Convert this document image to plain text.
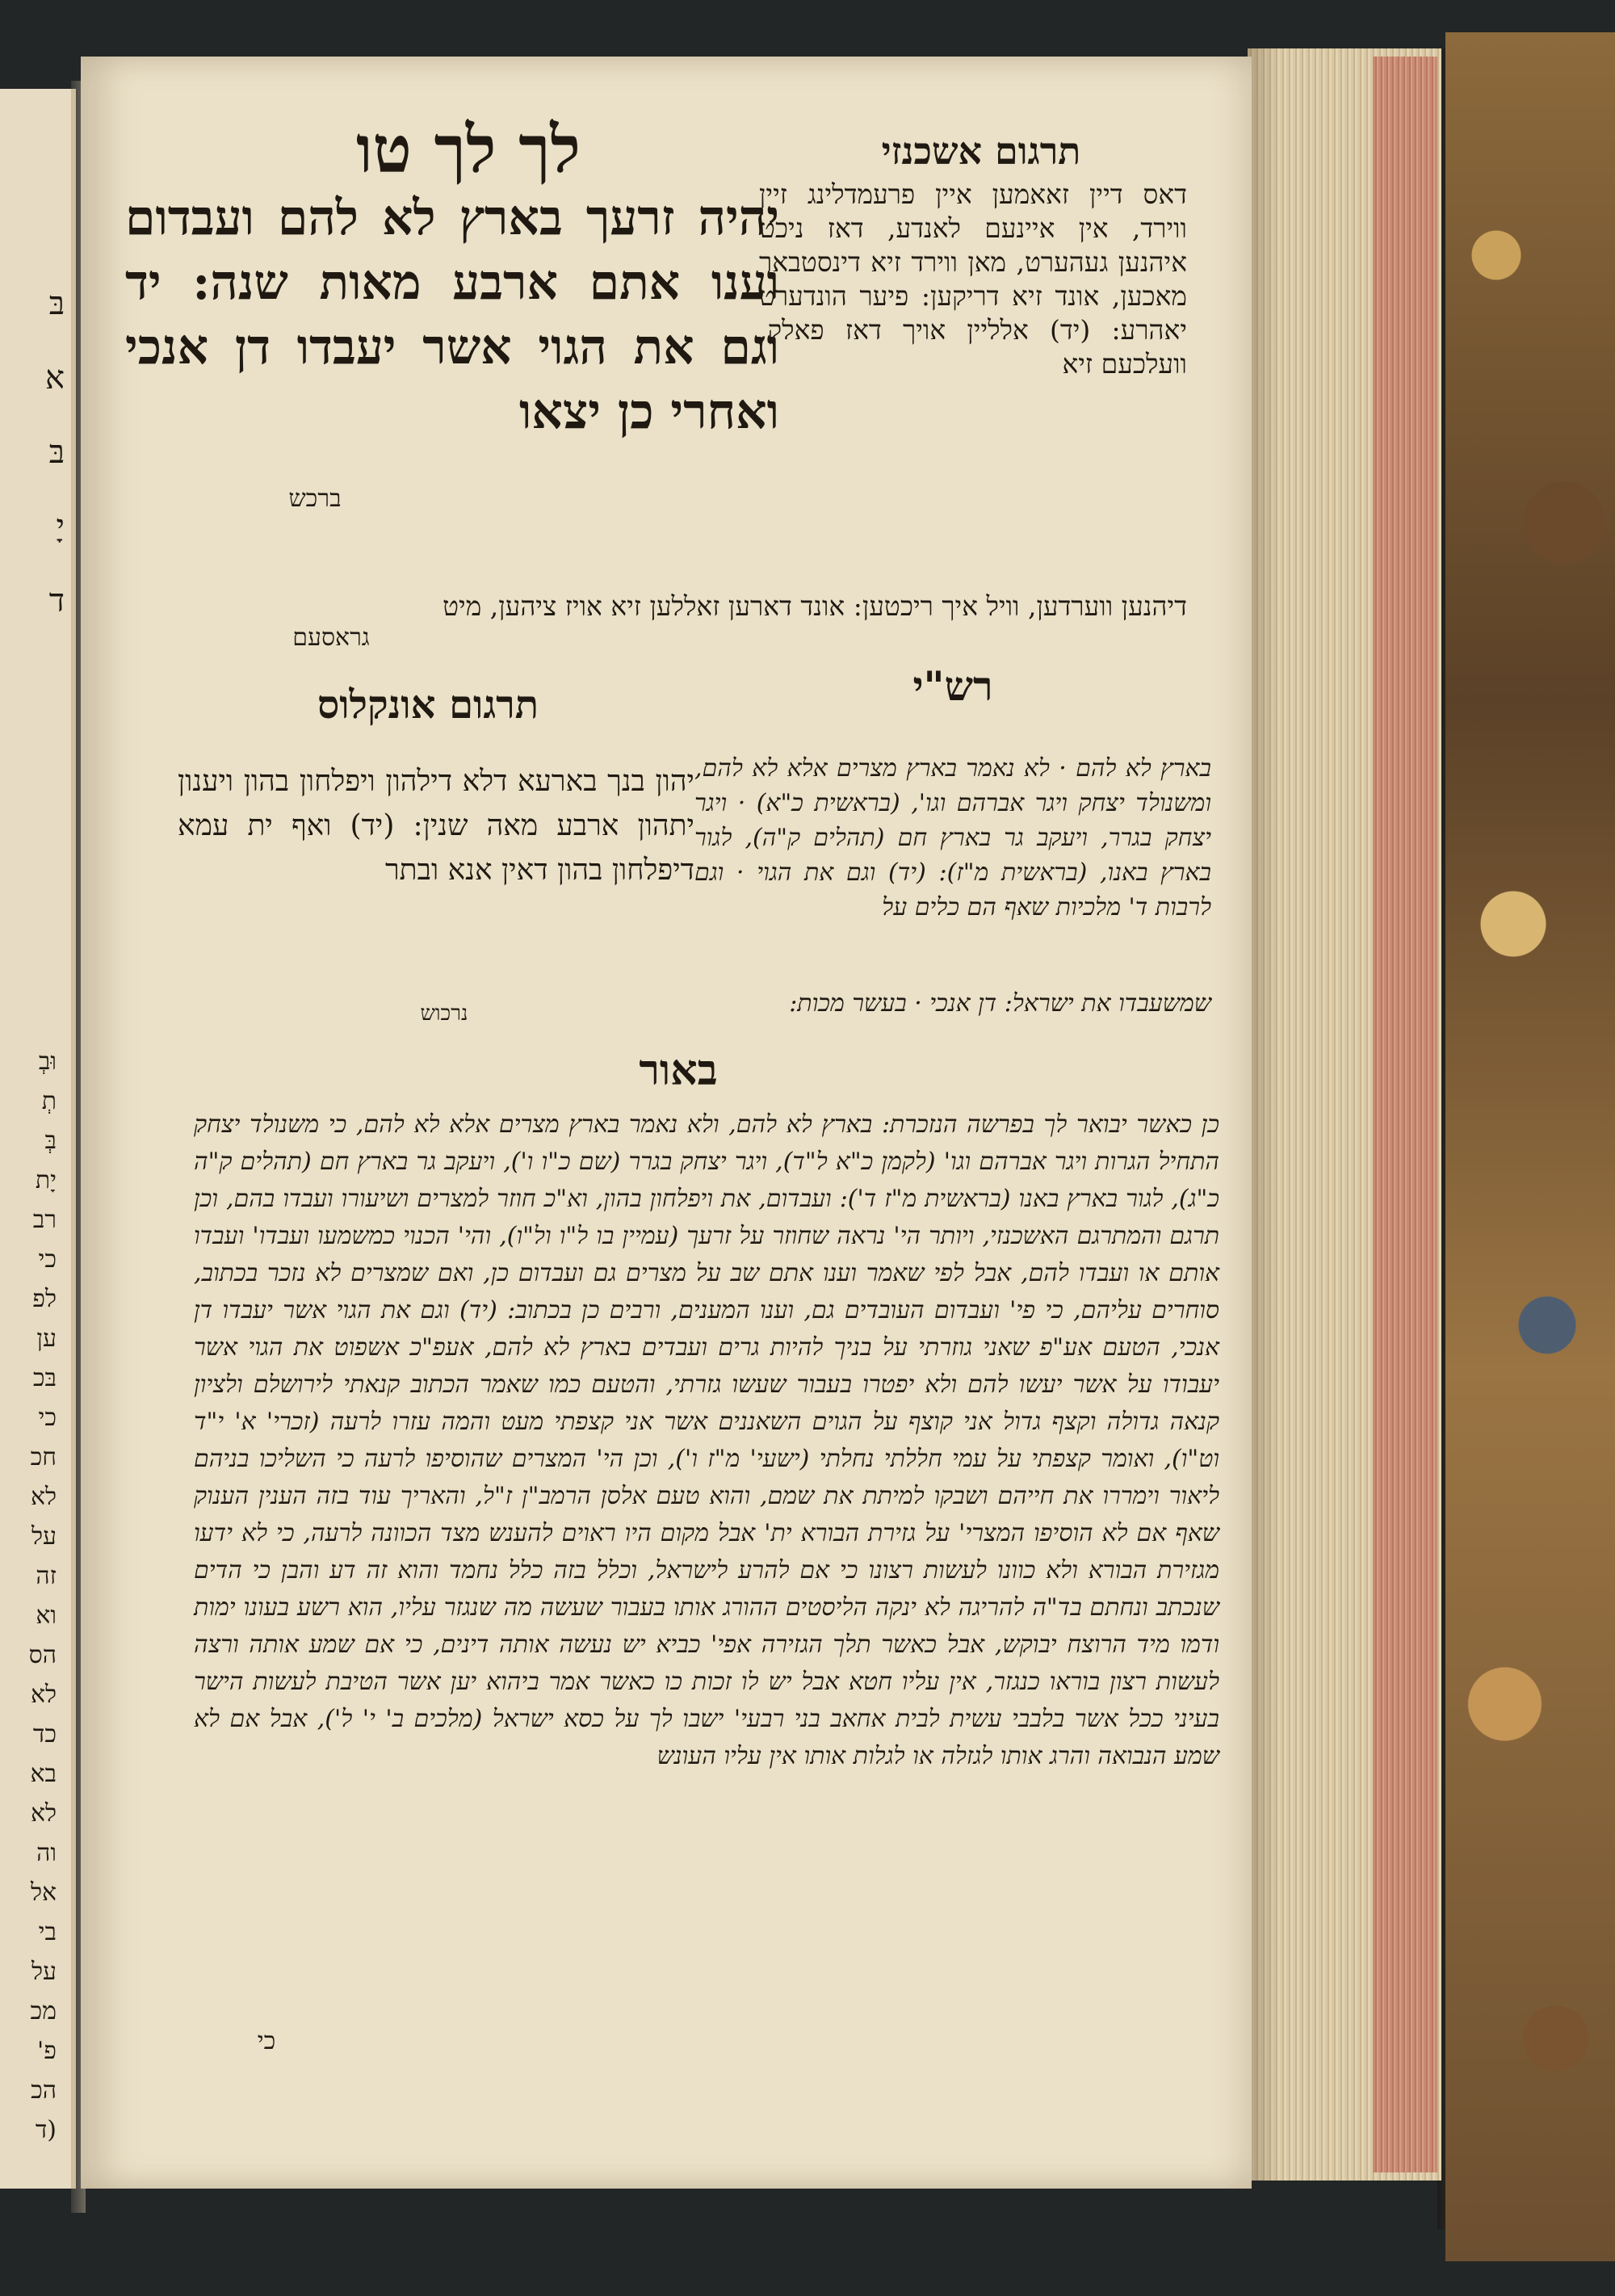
בּ
א
בּ
יָ
ד
וּבְ
תְ
בְּ
יָת
רב
כי
לפ
ען
בּכ
כי
חכ
לא
על
זה
וא
הס
לא
כד
בא
לא
וה
אל
בי
על
מכ
פ'
הכ
(ד
לך לך טו	תרגום אשכנזי
יהיה זרעך בארץ לא להם ועבדום וענו אתם ארבע מאות שנה: יד וגם את הגוי אשר יעבדו דן אנכי ואחרי כן יצאו
ברכש
דאס דיין זאאמען איין פרעמדלינג זיין ווירד, אין איינעם לאנדע, דאז ניכט איהנען געהערט, מאן ווירד זיא דינסטבאר מאכען, אונד זיא דריקען: פיער הונדערט יאהרע: (יד) אלליין אויך דאז פאלק, וועלכעם זיא
דיהנען ווערדען, וויל איך ריכטען: אונד דארען זאללען זיא אויז ציהען, מיט
גראסעם
רש"י
תרגום אונקלוס
בארץ לא להם · לא נאמר בארץ מצרים אלא לא להם, ומשנולד יצחק ויגר אברהם וגו', (בראשית כ"א) · ויגר יצחק בגרר, ויעקב גר בארץ חם (תהלים ק"ה), לגור בארץ באנו, (בראשית מ"ז): (יד) וגם את הגוי · וגם לרבות ד' מלכיות שאף הם כלים על
שמשעבדו את ישראל: דן אנכי · בעשר מכות:
יהון בנך בארעא דלא דילהון ויפלחון בהון ויענון יתהון ארבע מאה שנין: (יד) ואף ית עמא דיפלחון בהון דאין אנא ובתר
נרכוש
באור
כן כאשר יבואר לך בפרשה הנזכרת: בארץ לא להם, ולא נאמר בארץ מצרים אלא לא להם, כי משנולד יצחק התחיל הגרות ויגר אברהם וגו' (לקמן כ"א ל"ד), ויגר יצחק בגרר (שם כ"ו ו'), ויעקב גר בארץ חם (תהלים ק"ה כ"ג), לגור בארץ באנו (בראשית מ"ז ד'): ועבדום, את ויפלחון בהון, וא"כ חוזר למצרים ושיעורו ועבדו בהם, וכן תרגם והמתרגם האשכנזי, ויותר הי' נראה שחוזר על זרעך (עמיין בו ל"ו ול"ו), והי' הכנוי כמשמעו ועבדו' ועבדו אותם או ועבדו להם, אבל לפי שאמר וענו אתם שב על מצרים גם ועבדום כן, ואם שמצרים לא נזכר בכתוב, סוחרים עליהם, כי פי' ועבדום העובדים גם, וענו המענים, ורבים כן בכתוב: (יד) וגם את הגוי אשר יעבדו דן אנכי, הטעם אע"פ שאני גוזרתי על בניך להיות גרים ועבדים בארץ לא להם, אעפ"כ אשפוט את הגוי אשר יעבודו על אשר יעשו להם ולא יפטרו בעבור שעשו גזרתי, והטעם כמו שאמר הכתוב קנאתי לירושלם ולציון קנאה גדולה וקצף גדול אני קוצף על הגוים השאננים אשר אני קצפתי מעט והמה עזרו לרעה (זכרי' א' י"ד וט"ו), ואומר קצפתי על עמי חללתי נחלתי (ישעי' מ"ז ו'), וכן הי' המצרים שהוסיפו לרעה כי השליכו בניהם ליאור וימררו את חייהם ושבקו למיתת את שמם, והוא טעם אלסן הרמב"ן ז"ל, והאריך עוד בזה הענין הענוק שאף אם לא הוסיפו המצרי' על גזירת הבורא ית' אבל מקום היו ראוים להענש מצד הכוונה לרעה, כי לא ידעו מגזירת הבורא ולא כוונו לעשות רצונו כי אם להרע לישראל, וכלל בזה כלל נחמד והוא זה דע והבן כי הדים שנכתב ונחתם בד"ה להריגה לא ינקה הליסטים ההורג אותו בעבור שעשה מה שנגזר עליו, הוא רשע בעונו ימות ודמו מיד הרוצח יבוקש, אבל כאשר תלך הגזירה אפי' כביא יש נעשה אותה דינים, כי אם שמע אותה ורצה לעשות רצון בוראו כנגזר, אין עליו חטא אבל יש לו זכות כו כאשר אמר ביהוא יען אשר הטיבת לעשות הישר בעיני ככל אשר בלבבי עשית לבית אחאב בני רבעי' ישבו לך על כסא ישראל (מלכים ב' י' ל'), אבל אם לא שמע הנבואה והרג אותו לגזלה או לגלות אותו אין עליו העונש
כי
